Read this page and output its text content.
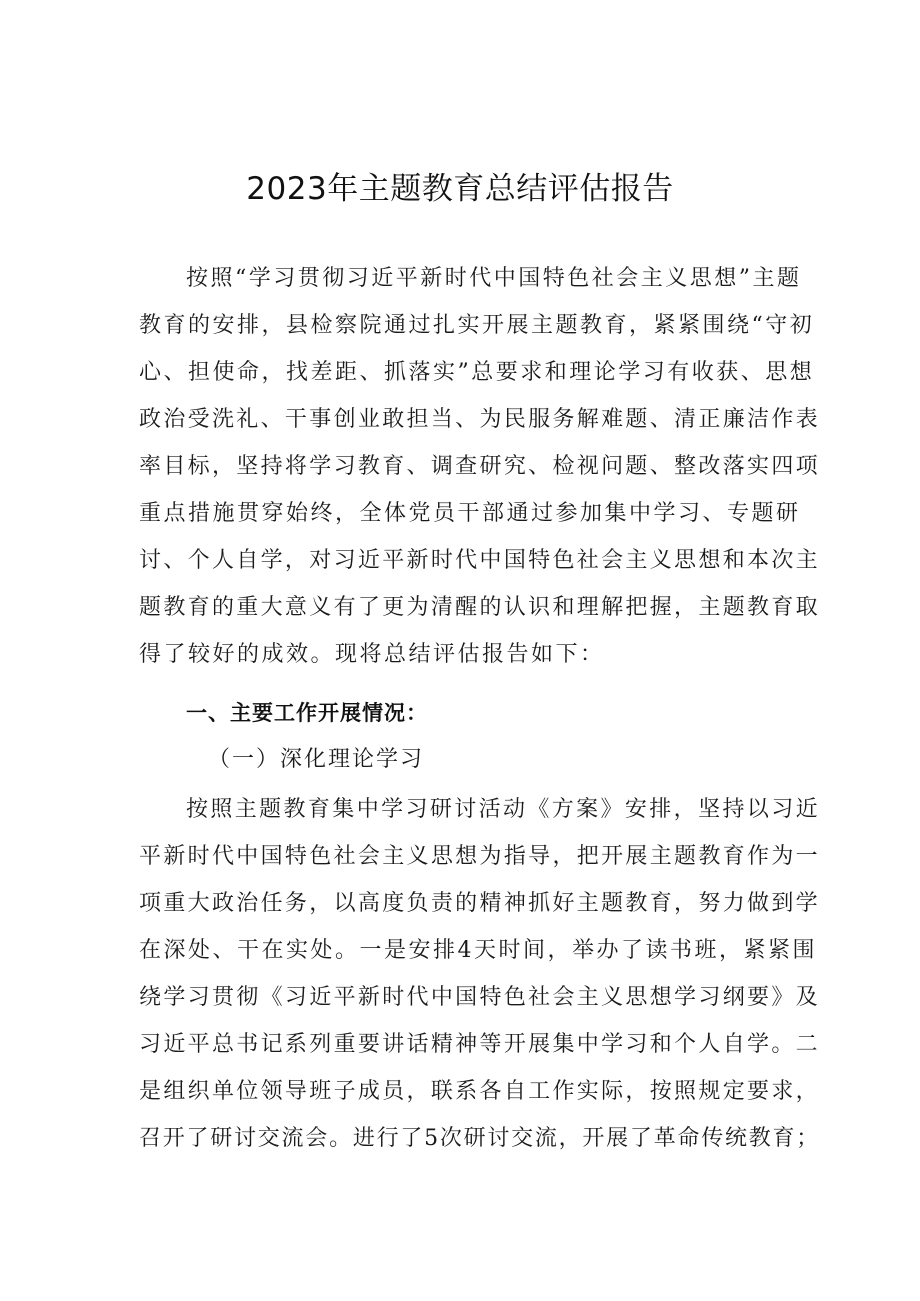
2023年主题教育总结评估报告
按照“学习贯彻习近平新时代中国特色社会主义思想”主题
教育的安排，县检察院通过扎实开展主题教育，紧紧围绕“守初
心、担使命，找差距、抓落实”总要求和理论学习有收获、思想
政治受洗礼、干事创业敢担当、为民服务解难题、清正廉洁作表
率目标，坚持将学习教育、调查研究、检视问题、整改落实四项
重点措施贯穿始终，全体党员干部通过参加集中学习、专题研
讨、个人自学，对习近平新时代中国特色社会主义思想和本次主
题教育的重大意义有了更为清醒的认识和理解把握，主题教育取
得了较好的成效。现将总结评估报告如下：
一、主要工作开展情况：
（一）深化理论学习
按照主题教育集中学习研讨活动《方案》安排，坚持以习近
平新时代中国特色社会主义思想为指导，把开展主题教育作为一
项重大政治任务，以高度负责的精神抓好主题教育，努力做到学
在深处、干在实处。一是安排4天时间，举办了读书班，紧紧围
绕学习贯彻《习近平新时代中国特色社会主义思想学习纲要》及
习近平总书记系列重要讲话精神等开展集中学习和个人自学。二
是组织单位领导班子成员，联系各自工作实际，按照规定要求，
召开了研讨交流会。进行了5次研讨交流，开展了革命传统教育；
